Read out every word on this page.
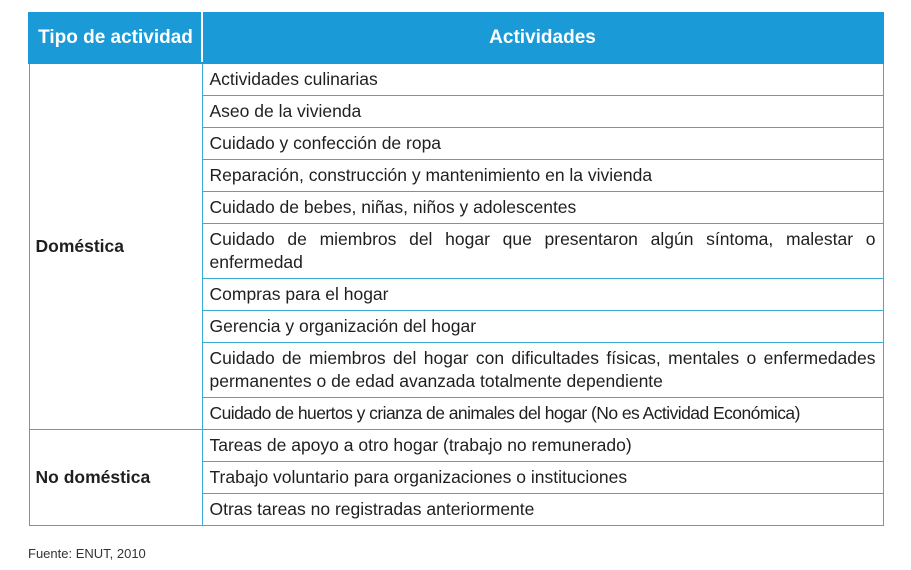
Tipo de actividad	Actividades
Doméstica	Actividades culinarias
	Aseo de la vivienda
	Cuidado y confección de ropa
	Reparación, construcción y mantenimiento en la vivienda
	Cuidado de bebes, niñas, niños y adolescentes
	Cuidado de miembros del hogar que presentaron algún síntoma, malestar o enfermedad
	Compras para el hogar
	Gerencia y organización del hogar
	Cuidado de miembros del hogar con dificultades físicas, mentales o enfermedades permanentes o de edad avanzada totalmente dependiente
	Cuidado de huertos y crianza de animales del hogar (No es Actividad Económica)
No doméstica	Tareas de apoyo a otro hogar (trabajo no remunerado)
	Trabajo voluntario para organizaciones o instituciones
	Otras tareas no registradas anteriormente
Fuente: ENUT, 2010
